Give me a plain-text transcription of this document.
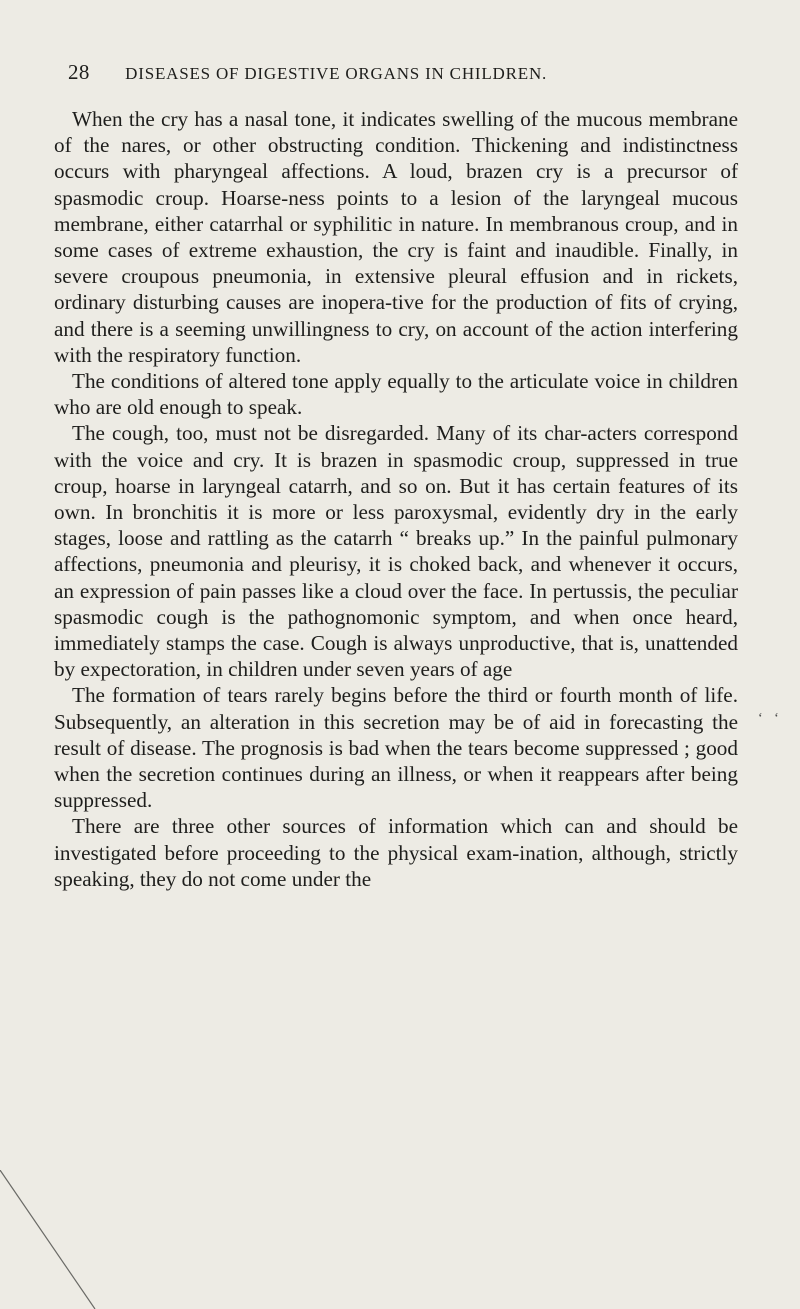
28 DISEASES OF DIGESTIVE ORGANS IN CHILDREN.

When the cry has a nasal tone, it indicates swelling of the mucous membrane of the nares, or other obstructing condition. Thickening and indistinctness occurs with pharyngeal affections. A loud, brazen cry is a precursor of spasmodic croup. Hoarse-ness points to a lesion of the laryngeal mucous membrane, either catarrhal or syphilitic in nature. In membranous croup, and in some cases of extreme exhaustion, the cry is faint and inaudible. Finally, in severe croupous pneumonia, in extensive pleural effusion and in rickets, ordinary disturbing causes are inopera-tive for the production of fits of crying, and there is a seeming unwillingness to cry, on account of the action interfering with the respiratory function.

The conditions of altered tone apply equally to the articulate voice in children who are old enough to speak.

The cough, too, must not be disregarded. Many of its char-acters correspond with the voice and cry. It is brazen in spasmodic croup, suppressed in true croup, hoarse in laryngeal catarrh, and so on. But it has certain features of its own. In bronchitis it is more or less paroxysmal, evidently dry in the early stages, loose and rattling as the catarrh “ breaks up.” In the painful pulmonary affections, pneumonia and pleurisy, it is choked back, and whenever it occurs, an expression of pain passes like a cloud over the face. In pertussis, the peculiar spasmodic cough is the pathognomonic symptom, and when once heard, immediately stamps the case. Cough is always unproductive, that is, unattended by expectoration, in children under seven years of age

The formation of tears rarely begins before the third or fourth month of life. Subsequently, an alteration in this secretion may be of aid in forecasting the result of disease. The prognosis is bad when the tears become suppressed ; good when the secretion continues during an illness, or when it reappears after being suppressed.

There are three other sources of information which can and should be investigated before proceeding to the physical exam-ination, although, strictly speaking, they do not come under the

‘ ‘
